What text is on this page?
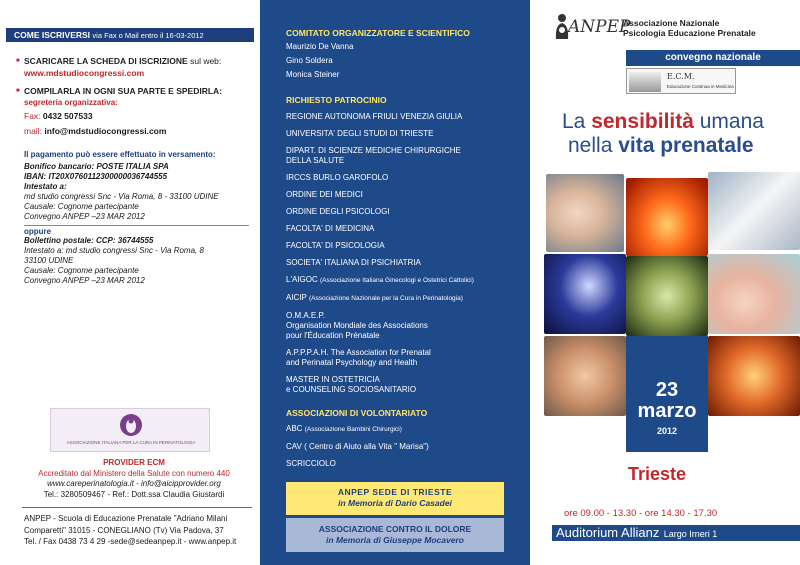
COME ISCRIVERSI via Fax o Mail entro il 16-03-2012
■ SCARICARE LA SCHEDA DI ISCRIZIONE sul web:
www.mdstudiocongressi.com
■ COMPILARLA IN OGNI SUA PARTE E SPEDIRLA:
segreteria organizzativa:
Fax: 0432 507533
mail: info@mdstudiocongressi.com
Il pagamento può essere effettuato in versamento:
Bonifico bancario: POSTE ITALIA SPA
IBAN: IT20X0760112300000036744555
Intestato a:
md studio congressi Snc - Via Roma, 8 - 33100 UDINE
Causale: Cognome partecipante
Convegno ANPEP –23 MAR 2012
oppure
Bollettino postale: CCP: 36744555
Intestato a: md studio congressi Snc - Via Roma, 8
33100 UDINE
Causale: Cognome partecipante
Convegno ANPEP –23 MAR 2012
ASSOCIAZIONE ITALIANA PER LA CURA IN PERINATOLOGIA
PROVIDER ECM
Accreditato dal Ministero della Salute con numero 440
www.careperinatologia.it - info@aicipprovider.org
Tel.: 3280509467 - Ref.: Dott.ssa Claudia Giustardi
ANPEP - Scuola di Educazione Prenatale "Adriano Milani
Comparetti" 31015 - CONEGLIANO (Tv) Via Padova, 37
Tel. / Fax 0438 73 4 29 -sede@sedeanpep.it - www.anpep.it
COMITATO ORGANIZZATORE E SCIENTIFICO
Maurizio De Vanna
Gino Soldera
Monica Steiner
RICHIESTO PATROCINIO
REGIONE AUTONOMA FRIULI VENEZIA GIULIA
UNIVERSITA' DEGLI STUDI DI TRIESTE
DIPART. DI SCIENZE MEDICHE CHIRURGICHE
DELLA SALUTE
IRCCS BURLO GAROFOLO
ORDINE DEI MEDICI
ORDINE DEGLI PSICOLOGI
FACOLTA' DI MEDICINA
FACOLTA' DI PSICOLOGIA
SOCIETA' ITALIANA DI PSICHIATRIA
L'AIGOC (Associazione Italiana Ginecologi e Ostetrici Cattolici)
AICIP (Associazione Nazionale per la Cura in Perinatologia)
O.M.A.E.P.
Organisation Mondiale des Associations
pour l'Éducation Prénatale
A.P.P.P.A.H. The Association for Prenatal
and Perinatal Psychology and Health
MASTER IN OSTETRICIA
e COUNSELING SOCIOSANITARIO
ASSOCIAZIONI DI VOLONTARIATO
ABC (Associazione Bambini Chirurgici)
CAV ( Centro di Aiuto alla Vita " Marisa")
SCRICCIOLO
ANPEP SEDE DI TRIESTE
in Memoria di Dario Casadei
ASSOCIAZIONE CONTRO IL DOLORE
in Memoria di Giuseppe Mocavero
ANPEP
Associazione Nazionale
Psicologia Educazione Prenatale
convegno nazionale
E.C.M.
Educazione Continua in Medicina
La sensibilità umana
nella vita prenatale
23
marzo
2012
Trieste
ore 09.00 - 13.30 - ore 14.30 - 17.30
Auditorium Allianz Largo Irneri 1
